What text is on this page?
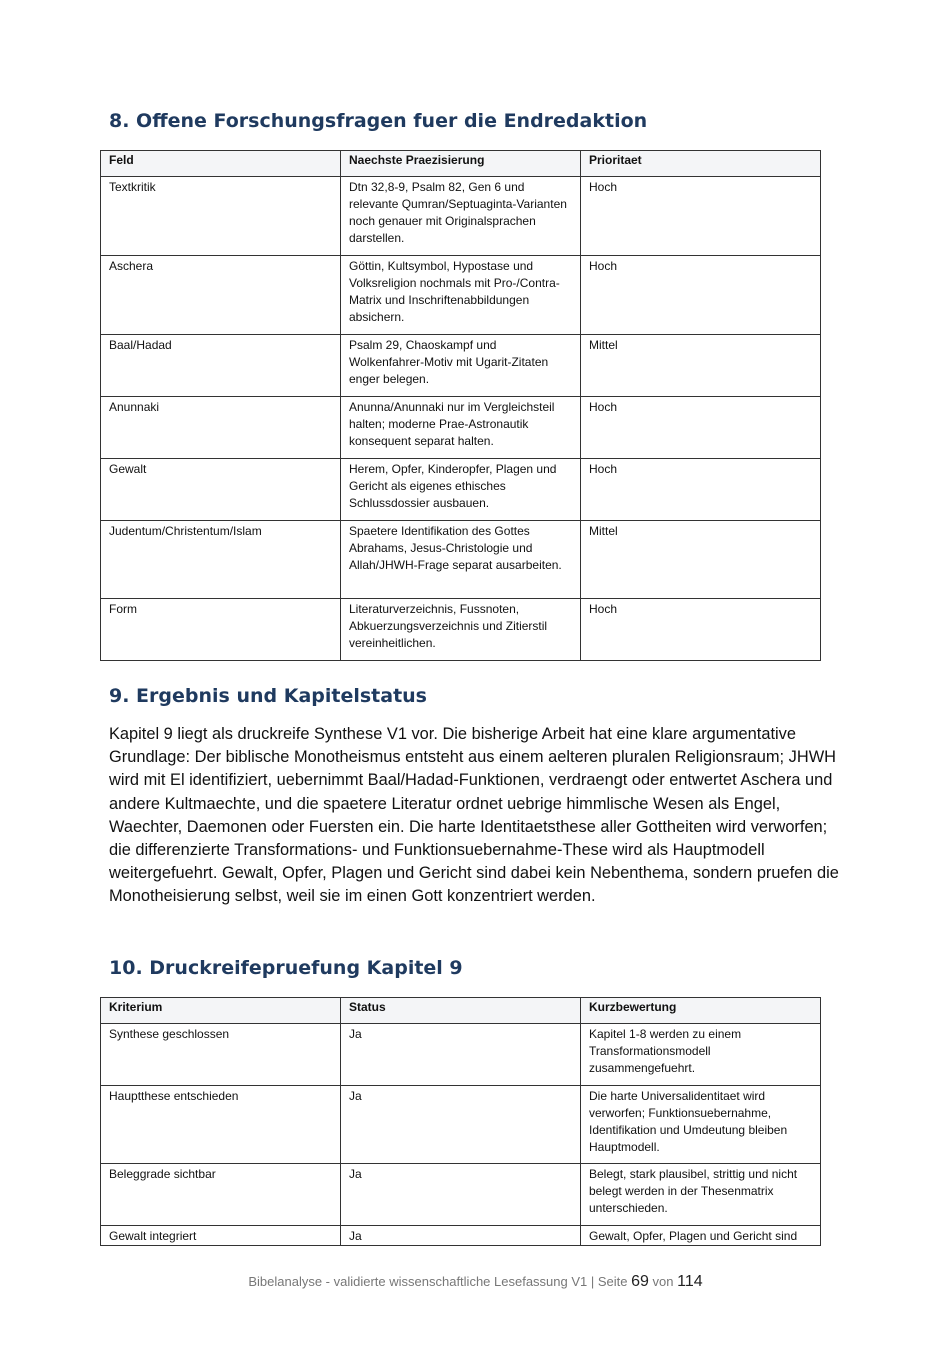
8. Offene Forschungsfragen fuer die Endredaktion
Feld	Naechste Praezisierung	Prioritaet
Textkritik	Dtn 32,8-9, Psalm 82, Gen 6 und relevante Qumran/Septuaginta-Varianten noch genauer mit Originalsprachen darstellen.	Hoch
Aschera	Göttin, Kultsymbol, Hypostase und Volksreligion nochmals mit Pro-/Contra-Matrix und Inschriftenabbildungen absichern.	Hoch
Baal/Hadad	Psalm 29, Chaoskampf und Wolkenfahrer-Motiv mit Ugarit-Zitaten enger belegen.	Mittel
Anunnaki	Anunna/Anunnaki nur im Vergleichsteil halten; moderne Prae-Astronautik konsequent separat halten.	Hoch
Gewalt	Herem, Opfer, Kinderopfer, Plagen und Gericht als eigenes ethisches Schlussdossier ausbauen.	Hoch
Judentum/Christentum/Islam	Spaetere Identifikation des Gottes Abrahams, Jesus-Christologie und Allah/JHWH-Frage separat ausarbeiten.	Mittel
Form	Literaturverzeichnis, Fussnoten, Abkuerzungsverzeichnis und Zitierstil vereinheitlichen.	Hoch
9. Ergebnis und Kapitelstatus

Kapitel 9 liegt als druckreife Synthese V1 vor. Die bisherige Arbeit hat eine klare argumentative Grundlage: Der biblische Monotheismus entsteht aus einem aelteren pluralen Religionsraum; JHWH wird mit El identifiziert, uebernimmt Baal/Hadad-Funktionen, verdraengt oder entwertet Aschera und andere Kultmaechte, und die spaetere Literatur ordnet uebrige himmlische Wesen als Engel, Waechter, Daemonen oder Fuersten ein. Die harte Identitaetsthese aller Gottheiten wird verworfen; die differenzierte Transformations- und Funktionsuebernahme-These wird als Hauptmodell weitergefuehrt. Gewalt, Opfer, Plagen und Gericht sind dabei kein Nebenthema, sondern pruefen die Monotheisierung selbst, weil sie im einen Gott konzentriert werden.

10. Druckreifepruefung Kapitel 9
Kriterium	Status	Kurzbewertung
Synthese geschlossen	Ja	Kapitel 1-8 werden zu einem Transformationsmodell zusammengefuehrt.
Hauptthese entschieden	Ja	Die harte Universalidentitaet wird verworfen; Funktionsuebernahme, Identifikation und Umdeutung bleiben Hauptmodell.
Beleggrade sichtbar	Ja	Belegt, stark plausibel, strittig und nicht belegt werden in der Thesenmatrix unterschieden.
Gewalt integriert	Ja	Gewalt, Opfer, Plagen und Gericht sind
Bibelanalyse - validierte wissenschaftliche Lesefassung V1 | Seite 69 von 114
